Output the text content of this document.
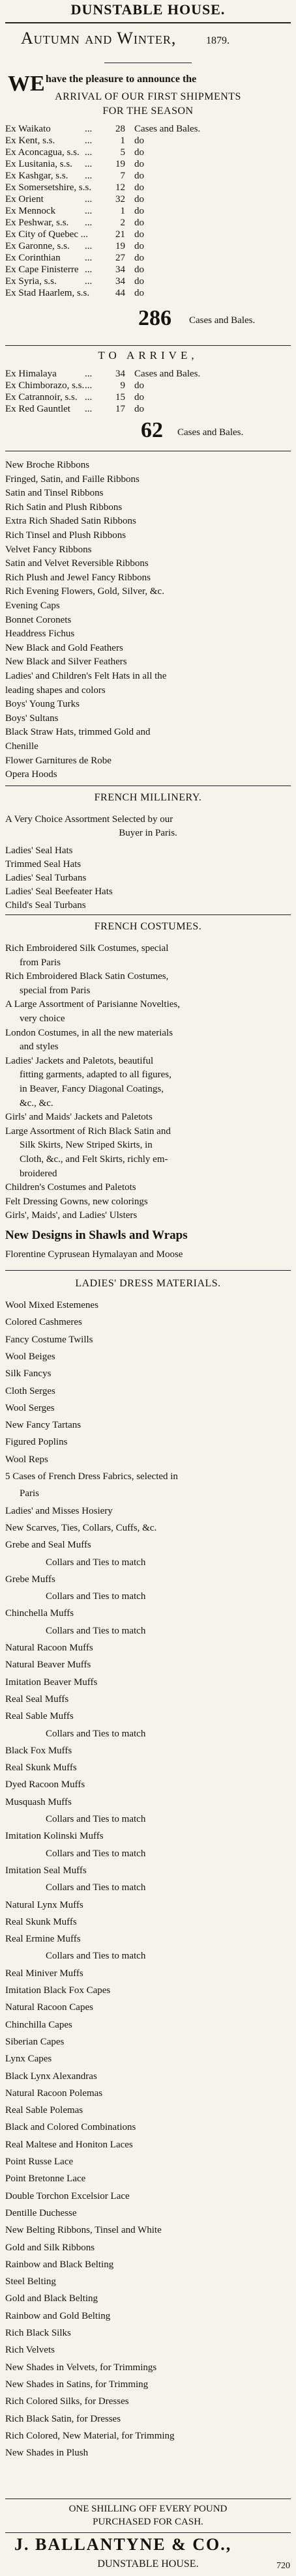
DUNSTABLE HOUSE.
Autumn and Winter,	1879.
WE have the pleasure to announce the
ARRIVAL OF OUR FIRST SHIPMENTS
FOR THE SEASON
Ex Waikato	...	28 Cases and Bales.
Ex Kent, s.s.	...	1 do
Ex Aconcagua, s.s. ...	5 do
Ex Lusitania, s.s. ...	19 do
Ex Kashgar, s.s. ...	7 do
Ex Somersetshire, s.s.	12 do
Ex Orient	...	32 do
Ex Mennock	...	1 do
Ex Peshwar, s.s. ...	2 do
Ex City of Quebec ...	21 do
Ex Garonne, s.s. ...	19 do
Ex Corinthian ...	27 do
Ex Cape Finisterre ...	34 do
Ex Syria, s.s.	...	34 do
Ex Stad Haarlem, s.s.	44 do
286 Cases and Bales.
TO ARRIVE,
Ex Himalaya	...	34 Cases and Bales.
Ex Chimborazo, s.s. ...	9 do
Ex Catrannoir, s.s. ...	15 do
Ex Red Gauntlet ...	17 do
62 Cases and Bales.
New Broche Ribbons
Fringed, Satin, and Faille Ribbons
Satin and Tinsel Ribbons
Rich Satin and Plush Ribbons
Extra Rich Shaded Satin Ribbons
Rich Tinsel and Plush Ribbons
Velvet Fancy Ribbons
Satin and Velvet Reversible Ribbons
Rich Plush and Jewel Fancy Ribbons
Rich Evening Flowers, Gold, Silver, &c.
Evening Caps
Bonnet Coronets
Headdress Fichus
New Black and Gold Feathers
New Black and Silver Feathers
Ladies' and Children's Felt Hats in all the
leading shapes and colors
Boys' Young Turks
Boys' Sultans
Black Straw Hats, trimmed Gold and
Chenille
Flower Garnitures de Robe
Opera Hoods
FRENCH MILLINERY.
A Very Choice Assortment Selected by our
Buyer in Paris.
Ladies' Seal Hats
Trimmed Seal Hats
Ladies' Seal Turbans
Ladies' Seal Beefeater Hats
Child's Seal Turbans
FRENCH COSTUMES.
Rich Embroidered Silk Costumes, special
from Paris
Rich Embroidered Black Satin Costumes,
special from Paris
A Large Assortment of Parisianne Novelties,
very choice
London Costumes, in all the new materials
and styles
Ladies' Jackets and Paletots, beautiful
fitting garments, adapted to all figures,
in Beaver, Fancy Diagonal Coatings,
&c., &c.
Girls' and Maids' Jackets and Paletots
Large Assortment of Rich Black Satin and
Silk Skirts, New Striped Skirts, in
Cloth, &c., and Felt Skirts, richly em-
broidered
Children's Costumes and Paletots
Felt Dressing Gowns, new colorings
Girls', Maids', and Ladies' Ulsters
New Designs in Shawls and Wraps
Florentine Cyprusean Hymalayan and Moose
LADIES' DRESS MATERIALS.
Wool Mixed Estemenes
Colored Cashmeres
Fancy Costume Twills
Wool Beiges
Silk Fancys
Cloth Serges
Wool Serges
New Fancy Tartans
Figured Poplins
Wool Reps
5 Cases of French Dress Fabrics, selected in
Paris
Ladies' and Misses Hosiery
New Scarves, Ties, Collars, Cuffs, &c.
Grebe and Seal Muffs
Collars and Ties to match
Grebe Muffs
Collars and Ties to match
Chinchella Muffs
Collars and Ties to match
Natural Racoon Muffs
Natural Beaver Muffs
Imitation Beaver Muffs
Real Seal Muffs
Real Sable Muffs
Collars and Ties to match
Black Fox Muffs
Real Skunk Muffs
Dyed Racoon Muffs
Musquash Muffs
Collars and Ties to match
Imitation Kolinski Muffs
Collars and Ties to match
Imitation Seal Muffs
Collars and Ties to match
Natural Lynx Muffs
Real Skunk Muffs
Real Ermine Muffs
Collars and Ties to match
Real Miniver Muffs
Imitation Black Fox Capes
Natural Racoon Capes
Chinchilla Capes
Siberian Capes
Lynx Capes
Black Lynx Alexandras
Natural Racoon Polemas
Real Sable Polemas
Black and Colored Combinations
Real Maltese and Honiton Laces
Point Russe Lace
Point Bretonne Lace
Double Torchon Excelsior Lace
Dentille Duchesse
New Belting Ribbons, Tinsel and White
Gold and Silk Ribbons
Rainbow and Black Belting
Steel Belting
Gold and Black Belting
Rainbow and Gold Belting
Rich Black Silks
Rich Velvets
New Shades in Velvets, for Trimmings
New Shades in Satins, for Trimming
Rich Colored Silks, for Dresses
Rich Black Satin, for Dresses
Rich Colored, New Material, for Trimming
New Shades in Plush
ONE SHILLING OFF EVERY POUND
PURCHASED FOR CASH.
J. BALLANTYNE & CO.,
DUNSTABLE HOUSE.	720
